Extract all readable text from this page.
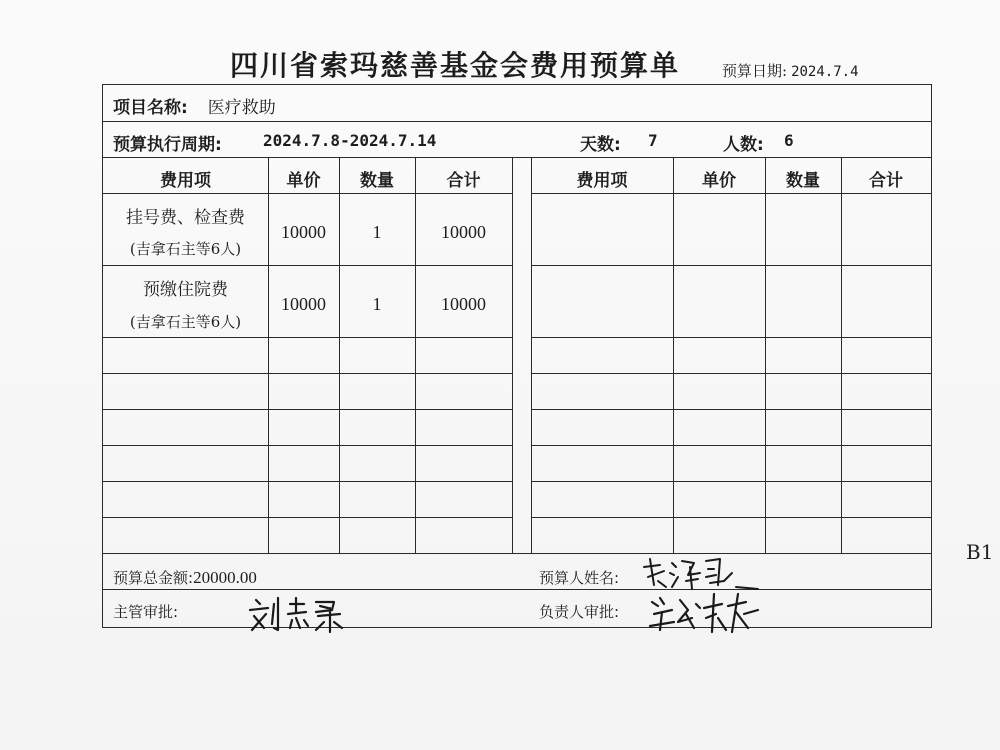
四川省索玛慈善基金会费用预算单	预算日期: 2024.7.4
项目名称: 医疗救助
预算执行周期:	2024.7.8-2024.7.14	天数: 7	人数: 6
费用项	单价	数量	合计	费用项	单价	数量	合计
挂号费、检查费
(吉拿石主等6人)
10000	1	10000
预缴住院费
(吉拿石主等6人)
10000	1	10000
预算总金额:20000.00	预算人姓名:
主管审批:	负责人审批:
B1
